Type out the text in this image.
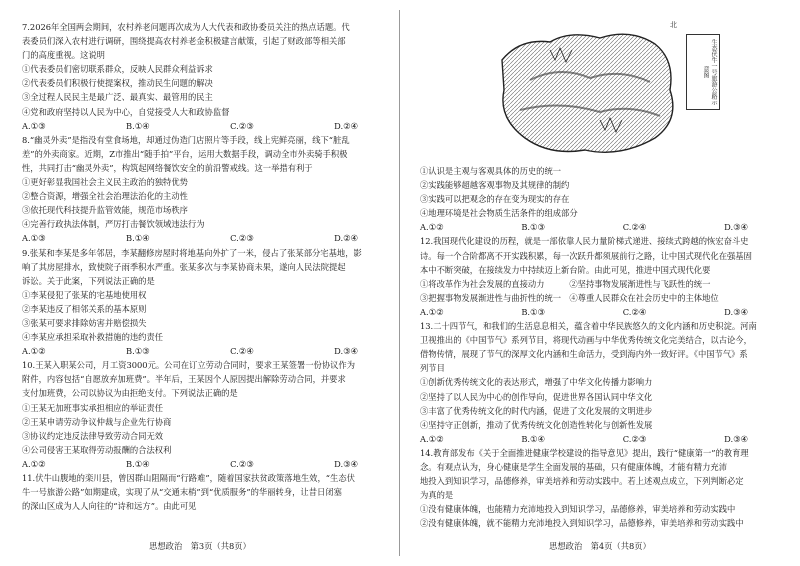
7.2026年全国两会期间，农村养老问题再次成为人大代表和政协委员关注的热点话题。代

表委员们深入农村进行调研，围绕提高农村养老金积极建言献策，引起了财政部等相关部

门的高度重视。这说明

①代表委员们密切联系群众，反映人民群众利益诉求

②代表委员们积极行使提案权，推动民生问题的解决

③全过程人民民主是最广泛、最真实、最管用的民主

④党和政府坚持以人民为中心，自觉接受人大和政协监督

A.①③	B.①④	C.②③	D.②④

8.“幽灵外卖”是指没有堂食场地，却通过伪造门店照片等手段，线上宪鲜亮丽，线下“脏乱

差”的外卖商家。近期，Z市推出“随手拍”平台，运用大数据手段，调动全市外卖骑手积极

性，共同打击“幽灵外卖”，构筑起网络餐饮安全的前沿警戒线。这一举措有利于

①更好彰显我国社会主义民主政治的独特优势

②整合资源，增强全社会治理法治化的主动性

③依托现代科技提升监管效能，规范市场秩序

④完善行政执法体制，严厉打击餐饮领域违法行为

A.①③	B.①④	C.②③	D.②④

9.张某和李某是多年邻居，李某翻修房屋时将地基向外扩了一米，侵占了张某部分宅基地，影

响了其房屋排水，致使院子雨季积水严重。张某多次与李某协商未果，遂向人民法院提起

诉讼。关于此案，下列说法正确的是

①李某侵犯了张某的宅基地使用权

②李某违反了相邻关系的基本原则

③张某可要求排除妨害并赔偿损失

④李某应承担采取补救措施的违约责任

A.①②	B.①③	C.②④	D.③④

10.王某入职某公司，月工资3000元。公司在订立劳动合同时，要求王某签署一份协议作为

附件，内容包括“自愿放弃加班费”。半年后，王某因个人原因提出解除劳动合同，并要求

支付加班费，公司以协议为由拒绝支付。下列说法正确的是

①王某无加班事实承担相应的举证责任

②王某申请劳动争议仲裁与企业先行协商

③协议约定违反法律导致劳动合同无效

④公司侵害王某取得劳动报酬的合法权利

A.①②	B.①④	C.②③	D.③④

11.伏牛山腹地的栾川县，曾因群山阻隔而“行路难”，随着国家扶贫政策落地生效，“生态伏

牛一号旅游公路”如期建成，实现了从“交通末梢”到“优质服务”的华丽转身，让昔日闭塞

的深山区成为人人向往的“诗和远方”。由此可见

思想政治　第3页（共8页）
北
生态伏牛一号旅游公路示意图

①认识是主观与客观具体的历史的统一

②实践能够超越客观事物及其规律的制约

③实践可以把观念的存在变为现实的存在

④地理环境是社会物质生活条件的组成部分

A.①②	B.①③	C.②④	D.③④

12.我国现代化建设的历程，就是一部依靠人民力量阶梯式递进、接续式跨越的恢宏奋斗史

诗。每一个合阶都离不开实践积累，每一次跃升都须展前行之路，让中国式现代化在强基固

本中不断突破，在接续发力中持续迈上新台阶。由此可见，推进中国式现代化要

①将改革作为社会发展的直接动力　　　②坚持事物发展渐进性与飞跃性的统一

③把握事物发展渐进性与曲折性的统一　④尊重人民群众在社会历史中的主体地位

A.①②	B.①③	C.②④	D.③④

13.二十四节气，和我们的生活息息相关，蕴含着中华民族悠久的文化内涵和历史积淀。河南

卫视推出的《中国节气》系列节目，将现代动画与中华优秀传统文化完美结合，以古论今，

借物传情，展现了节气的深厚文化内涵和生命活力，受到海内外一致好评。《中国节气》系

列节目

①创新优秀传统文化的表达形式，增强了中华文化传播力影响力

②坚持了以人民为中心的创作导向，促进世界各国认同中华文化

③丰富了优秀传统文化的时代内涵，促进了文化发展的文明进步

④坚持守正创新，推动了优秀传统文化创造性转化与创新性发展

A.①②	B.①④	C.②③	D.③④

14.教育部发布《关于全面推进健康学校建设的指导意见》提出，践行“健康第一”的教育理

念。有观点认为，身心健康是学生全面发展的基础，只有健康体魄，才能有精力充沛

地投入到知识学习，品德修养，审美培养和劳动实践中。若上述观点成立，下列判断必定

为真的是

①没有健康体魄，也能精力充沛地投入到知识学习，品德修养，审美培养和劳动实践中

②没有健康体魄，就不能精力充沛地投入到知识学习，品德修养，审美培养和劳动实践中

思想政治　第4页（共8页）
